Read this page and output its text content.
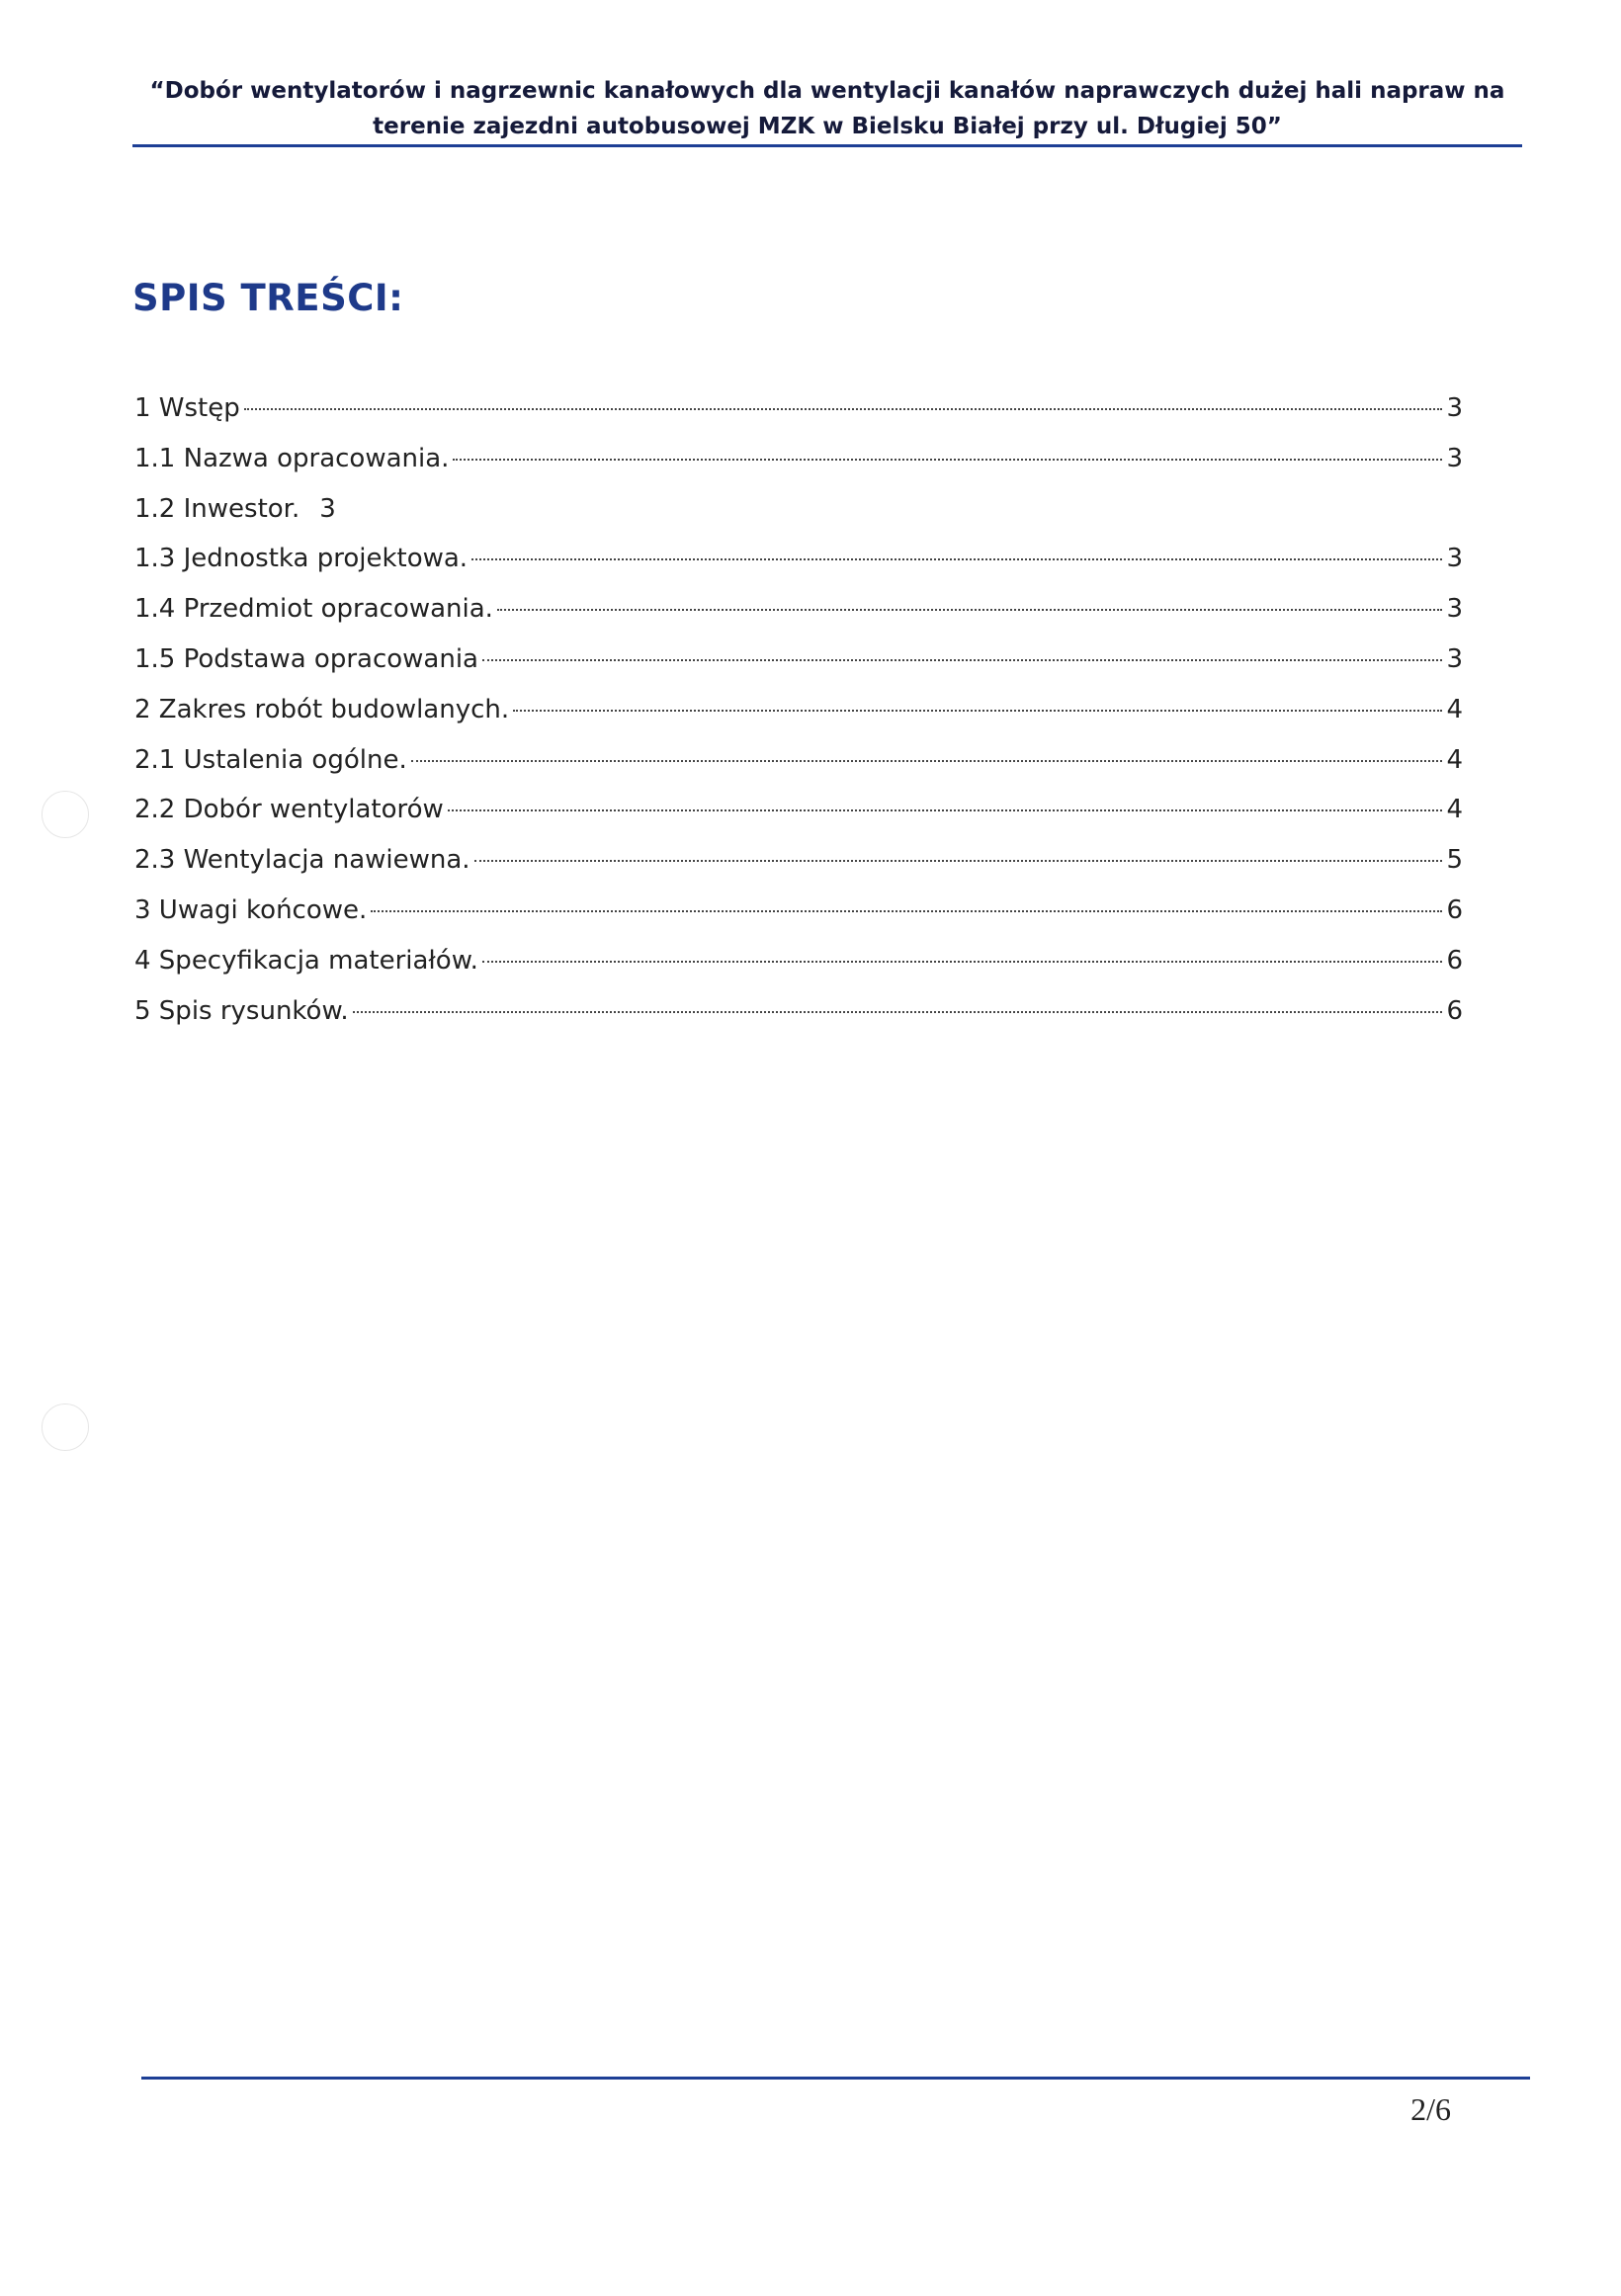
“Dobór wentylatorów i nagrzewnic kanałowych dla wentylacji kanałów naprawczych dużej hali napraw na
terenie zajezdni autobusowej MZK w Bielsku Białej przy ul. Długiej 50”
SPIS TREŚCI:
1 Wstęp	3
1.1 Nazwa opracowania.	3
1.2 Inwestor. 3
1.3 Jednostka projektowa.	3
1.4 Przedmiot opracowania.	3
1.5 Podstawa opracowania	3
2 Zakres robót budowlanych.	4
2.1 Ustalenia ogólne.	4
2.2 Dobór wentylatorów	4
2.3 Wentylacja nawiewna.	5
3 Uwagi końcowe.	6
4 Specyfikacja materiałów.	6
5 Spis rysunków.	6
2/6
